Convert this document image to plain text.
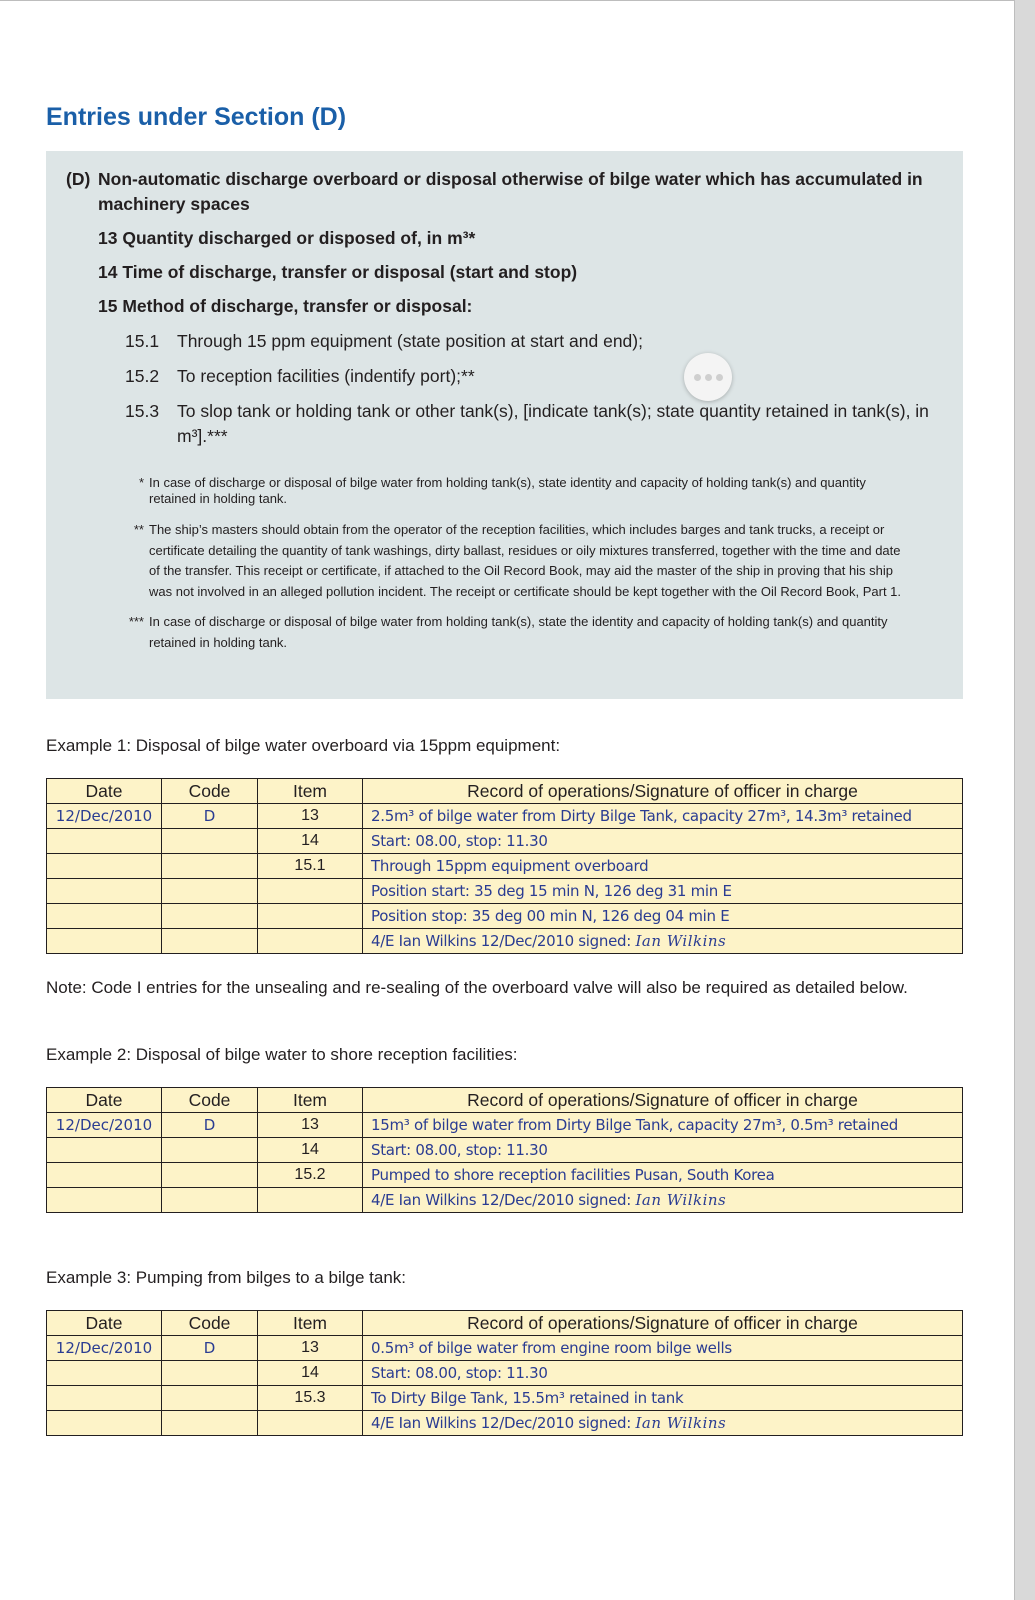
Entries under Section (D)
(D) Non-automatic discharge overboard or disposal otherwise of bilge water which has accumulated in machinery spaces
13 Quantity discharged or disposed of, in m³*
14 Time of discharge, transfer or disposal (start and stop)
15 Method of discharge, transfer or disposal:
15.1 Through 15 ppm equipment (state position at start and end);
15.2 To reception facilities (indentify port);**
15.3 To slop tank or holding tank or other tank(s), [indicate tank(s); state quantity retained in tank(s), in m³].***
* In case of discharge or disposal of bilge water from holding tank(s), state identity and capacity of holding tank(s) and quantity retained in holding tank.
** The ship’s masters should obtain from the operator of the reception facilities, which includes barges and tank trucks, a receipt or certificate detailing the quantity of tank washings, dirty ballast, residues or oily mixtures transferred, together with the time and date of the transfer. This receipt or certificate, if attached to the Oil Record Book, may aid the master of the ship in proving that his ship was not involved in an alleged pollution incident. The receipt or certificate should be kept together with the Oil Record Book, Part 1.
*** In case of discharge or disposal of bilge water from holding tank(s), state the identity and capacity of holding tank(s) and quantity retained in holding tank.

Example 1: Disposal of bilge water overboard via 15ppm equipment:

Date	Code	Item	Record of operations/Signature of officer in charge
12/Dec/2010	D	13	2.5m³ of bilge water from Dirty Bilge Tank, capacity 27m³, 14.3m³ retained
		14	Start: 08.00, stop: 11.30
		15.1	Through 15ppm equipment overboard
			Position start: 35 deg 15 min N, 126 deg 31 min E
			Position stop: 35 deg 00 min N, 126 deg 04 min E
			4/E Ian Wilkins 12/Dec/2010 signed: Ian Wilkins

Note: Code I entries for the unsealing and re-sealing of the overboard valve will also be required as detailed below.

Example 2: Disposal of bilge water to shore reception facilities:

Date	Code	Item	Record of operations/Signature of officer in charge
12/Dec/2010	D	13	15m³ of bilge water from Dirty Bilge Tank, capacity 27m³, 0.5m³ retained
		14	Start: 08.00, stop: 11.30
		15.2	Pumped to shore reception facilities Pusan, South Korea
			4/E Ian Wilkins 12/Dec/2010 signed: Ian Wilkins

Example 3: Pumping from bilges to a bilge tank:

Date	Code	Item	Record of operations/Signature of officer in charge
12/Dec/2010	D	13	0.5m³ of bilge water from engine room bilge wells
		14	Start: 08.00, stop: 11.30
		15.3	To Dirty Bilge Tank, 15.5m³ retained in tank
			4/E Ian Wilkins 12/Dec/2010 signed: Ian Wilkins
